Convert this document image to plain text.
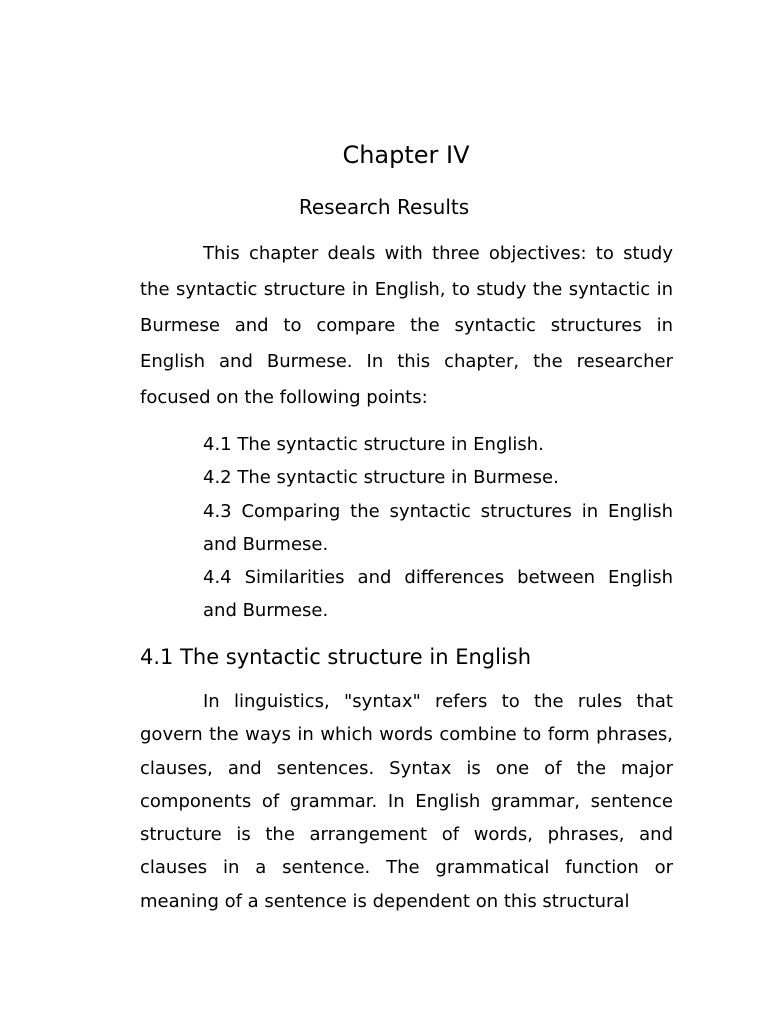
Chapter IV
Research Results

This chapter deals with three objectives: to study the syntactic structure in English, to study the syntactic in Burmese and to compare the syntactic structures in English and Burmese. In this chapter, the researcher focused on the following points:

4.1 The syntactic structure in English.
4.2 The syntactic structure in Burmese.
4.3 Comparing the syntactic structures in English and Burmese.
4.4 Similarities and differences between English and Burmese.
4.1 The syntactic structure in English

In linguistics, "syntax" refers to the rules that govern the ways in which words combine to form phrases, clauses, and sentences. Syntax is one of the major components of grammar. In English grammar, sentence structure is the arrangement of words, phrases, and clauses in a sentence. The grammatical function or meaning of a sentence is dependent on this structural
